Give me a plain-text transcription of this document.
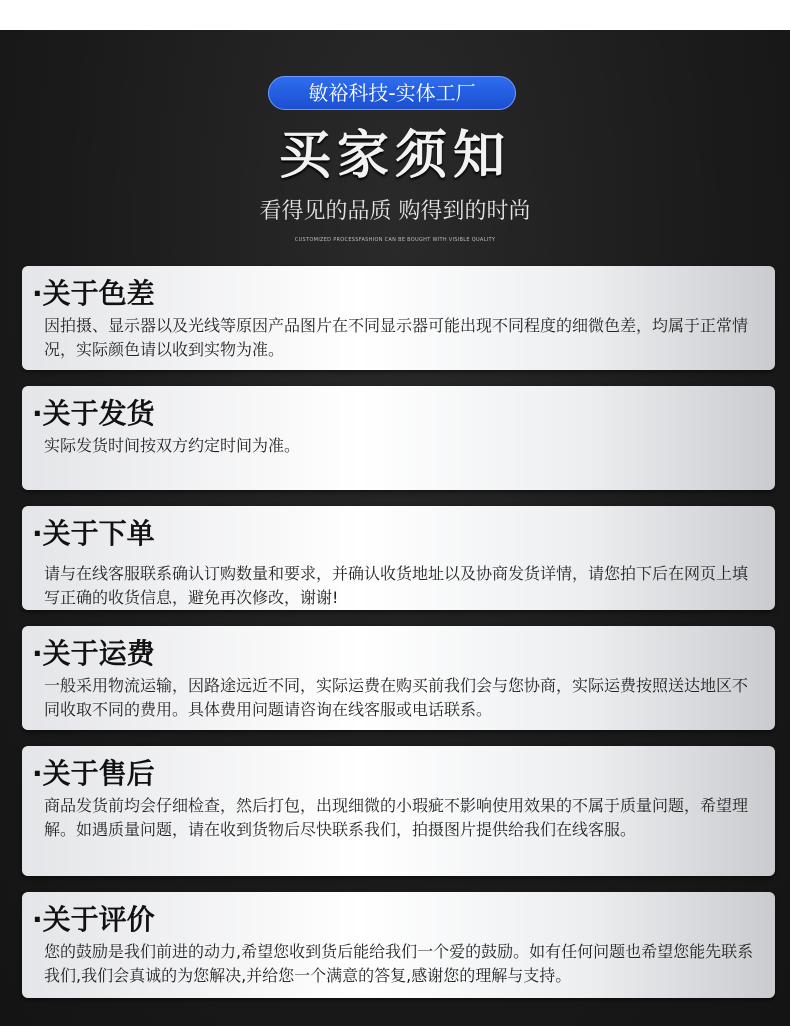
敏裕科技-实体工厂
买家须知
看得见的品质 购得到的时尚
CUSTOMIZED PROCESSFASHION CAN BE BOUGHT WITH VISIBLE QUALITY
·关于色差
因拍摄、显示器以及光线等原因产品图片在不同显示器可能出现不同程度的细微色差，均属于正常情况，实际颜色请以收到实物为准。
·关于发货
实际发货时间按双方约定时间为准。
·关于下单
请与在线客服联系确认订购数量和要求，并确认收货地址以及协商发货详情，请您拍下后在网页上填写正确的收货信息，避免再次修改，谢谢!
·关于运费
一般采用物流运输，因路途远近不同，实际运费在购买前我们会与您协商，实际运费按照送达地区不同收取不同的费用。具体费用问题请咨询在线客服或电话联系。
·关于售后
商品发货前均会仔细检查，然后打包，出现细微的小瑕疵不影响使用效果的不属于质量问题，希望理解。如遇质量问题，请在收到货物后尽快联系我们，拍摄图片提供给我们在线客服。
·关于评价
您的鼓励是我们前进的动力,希望您收到货后能给我们一个爱的鼓励。如有任何问题也希望您能先联系我们,我们会真诚的为您解决,并给您一个满意的答复,感谢您的理解与支持。
